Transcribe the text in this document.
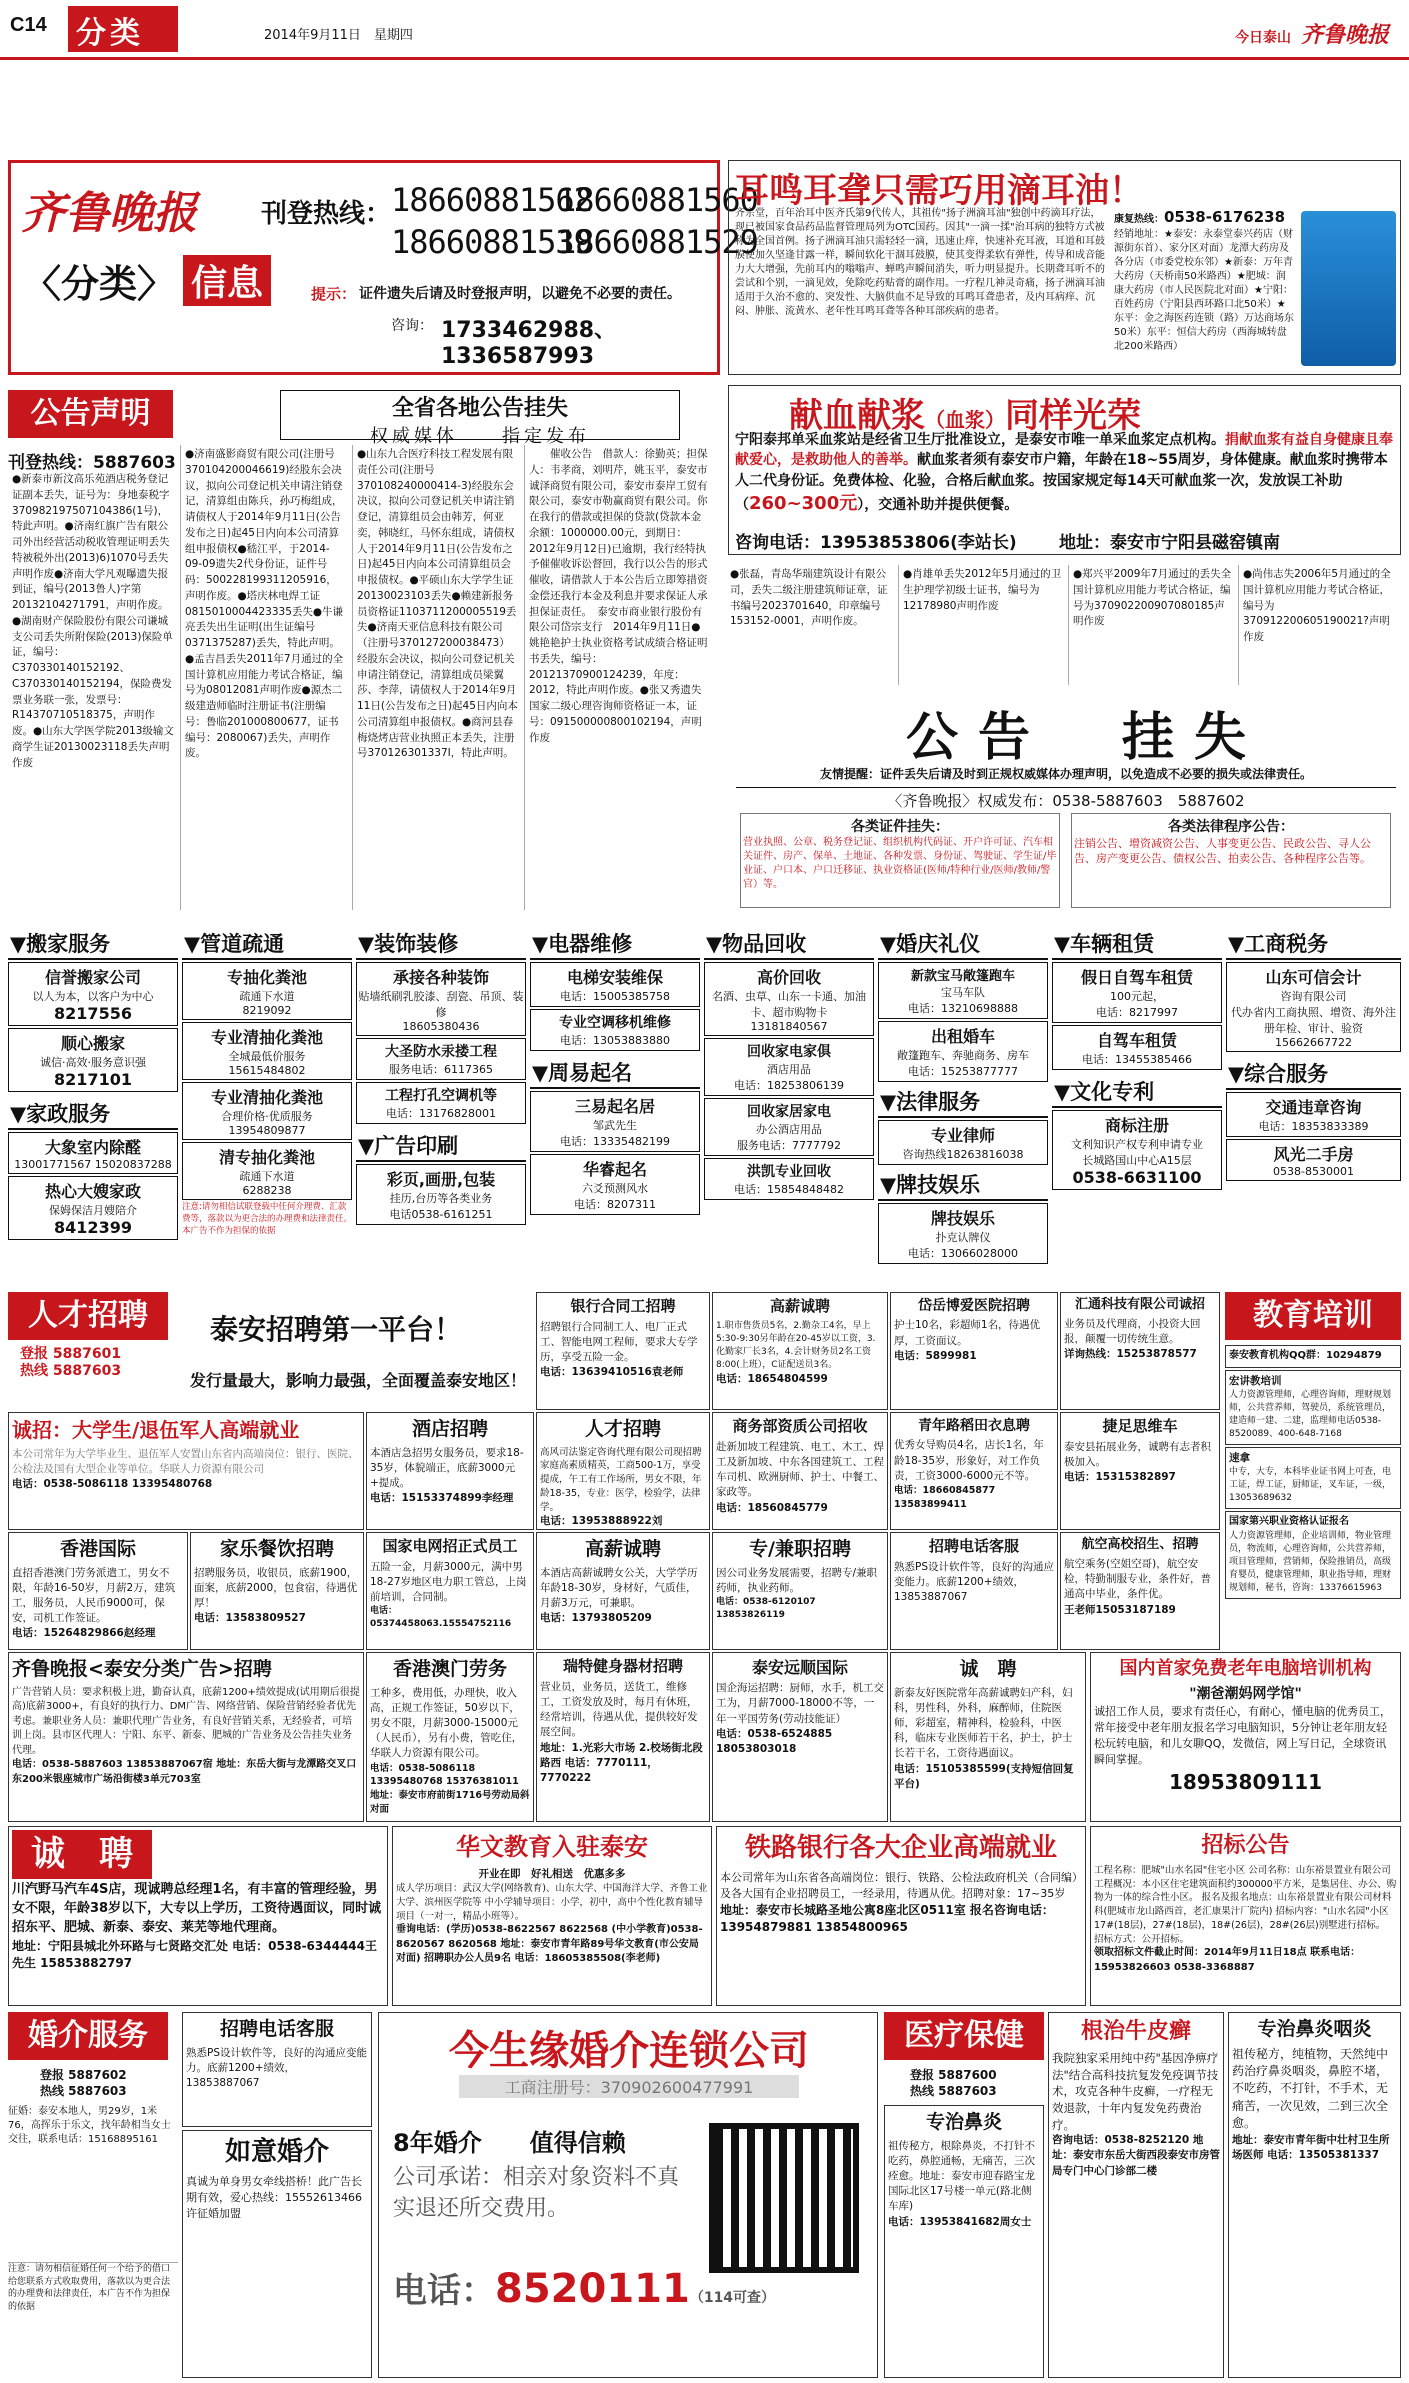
C14 分类	2014年9月11日　星期四	今日泰山 齐鲁晚报
齐鲁晚报
〈分类〉 信息
刊登热线： 18660881562
18660881560
18660881539
18660881529
提示： 证件遗失后请及时登报声明，以避免不必要的责任。
咨询： 1733462988、1336587993
耳鸣耳聋只需巧用滴耳油！
齐宗堂，百年治耳中医齐氏第9代传人，其祖传"扬子洲滴耳油"独创中药滴耳疗法，现已被国家食品药品监督管理局列为OTC国药。因其"一滴一揉"治耳病的独特方式被称为全国首例。扬子洲滴耳油只需轻轻一滴，迅速止痒，快速补充耳液，耳道和耳鼓膜使加久坚逢甘露一样，瞬间软化干涸耳鼓膜，使其变得柔软有弹性，传导和成音能力大大增强，先前耳内的嗡嗡声、蝉鸣声瞬间消失，听力明显提升。长期聋耳听不的尝试和个别，一滴见效，免除吃药贴膏的副作用。一疗程几神灵奇痛，扬子洲滴耳油适用于久治不愈的、突发性、大脑供血不足导致的耳鸣耳聋患者，及内耳病痒、沉闷、肿胀、流黄水、老年性耳鸣耳聋等各种耳部疾病的患者。
康复热线：0538-6176238
经销地址：★泰安：永泰堂泰兴药店（财源街东首）、家分区对面）龙潭大药房及各分店（市委党校东邻）★新泰：万年青大药房（天桥南50米路西）★肥城：润康大药房（市人民医院北对面）★宁阳：百姓药房（宁阳县西环路口北50米）★东平：金之海医药连锁（路）万达商场东50米）东平：恒信大药房（西海城转盘北200米路西）
公告声明	全省各地公告挂失
权威媒体　　指定发布
刊登热线：5887603
●新泰市新汶高乐苑酒店税务登记证副本丢失，证号为：身地泰税字370982197507104386(1号)，特此声明。●济南红旗广告有限公司外出经营活动税收管理证明丢失特被税外出(2013)6)1070号丢失声明作废●济南大学凡观曝遗失报到证，编号(2013鲁人)字第20132104271791，声明作废。●湖南财产保险股份有限公司谦城支公司丢失所附保险(2013)保险单证，编号：C370330140152192、C370330140152194，保险费发票业务联一张，发票号：R14370710518375，声明作废。●山东大学医学院2013级输文商学生证20130023118丢失声明作废
●济南盛影商贸有限公司(注册号370104200046619)经股东会决议，拟向公司登记机关申请注销登记，清算组由陈兵，孙巧梅组成，请债权人于2014年9月11日(公告发布之日)起45日内向本公司清算组申报债权●嵇江平，于2014-09-09遗失2代身份证，证件号码：500228199311205916，声明作废。●塔庆林电焊工证0815010004423335丢失●牛谦亮丢失出生证明(出生证编号0371375287)丢失，特此声明。●孟吉昌丢失2011年7月通过的全国计算机应用能力考试合格证，编号为08012081声明作废●源杰二级建造师临时注册证书(注册编号：鲁临201000800677，证书编号：2080067)丢失，声明作废。
●山东九合医疗科技工程发展有限责任公司(注册号370108240000414-3)经股东会决议，拟向公司登记机关申请注销登记，清算组员会由韩芳，何亚奕，韩晓红，马怀东组成，请债权人于2014年9月11日(公告发布之日)起45日内向本公司清算组员会申报债权。●平硕山东大学学生证20130023103丢失●赖建新报务员资格证1103711200005519丢失●济南天亚信息科技有限公司（注册号370127200038473）经股东会决议，拟向公司登记机关申请注销登记，清算组成员梁翼莎、李萍，请债权人于2014年9月11日(公告发布之日)起45日内向本公司清算组申报债权。●商河县春梅烧烤店营业执照正本丢失，注册号370126301337I，特此声明。
　　催收公告　借款人：徐勤英；担保人：韦孝商，刘明芹，姚玉平，泰安市诚泽商贸有限公司，泰安市泰岸工贸有限公司，泰安市勒赢商贸有限公司。你在我行的借款或担保的贷款(贷款本金余额：1000000.00元，到期日：2012年9月12日)已逾期，我行经特执予催催收诉讼督回，我行以公告的形式催收，请借款人于本公告后立即筹措资金偿还我行本金及利息并要求保证人承担保证责任。　泰安市商业银行股份有限公司岱宗支行　2014年9月11日●姚艳艳护士执业资格考试成绩合格证明书丢失，编号：20121370900124239，年度：2012，特此声明作废。●张又秀遗失国家二级心理咨询师资格证一本，证号：091500000800102194，声明作废
献血献浆（血浆）同样光荣
宁阳泰邦单采血浆站是经省卫生厅批准设立，是泰安市唯一单采血浆定点机构。捐献血浆有益自身健康且奉献爱心，是救助他人的善举。献血浆者须有泰安市户籍，年龄在18~55周岁，身体健康。献血浆时携带本人二代身份证。免费体检、化验，合格后献血浆。按国家规定每14天可献血浆一次，发放误工补助（260~300元），交通补助并提供便餐。
咨询电话：13953853806(李站长) 地址：泰安市宁阳县磁窑镇南
●张磊，青岛华瑞建筑设计有限公司，丢失二级注册建筑师证章，证书编号2023701640，印章编号153152-0001，声明作废。
●肖雄单丢失2012年5月通过的卫生护理学初级士证书，编号为12178980声明作废
●郑兴平2009年7月通过的丢失全国计算机应用能力考试合格证，编号为370902200907080185声明作废
●尚伟志失2006年5月通过的全国计算机应用能力考试合格证，编号为370912200605190021?声明作废
公告　挂失
友情提醒：证件丢失后请及时到正规权威媒体办理声明，以免造成不必要的损失或法律责任。
〈齐鲁晚报〉权威发布：0538-5887603　5887602
各类证件挂失：
营业执照、公章、税务登记证、组织机构代码证、开户许可证、汽车相关证件、房产、保单、土地证、各种发票、身份证、驾驶证、学生证/毕业证、户口本、户口迁移证、执业资格证(医师/特种行业/医师/教师/警官）等。
各类法律程序公告：
注销公告、增资减资公告、人事变更公告、民政公告、寻人公告、房产变更公告、债权公告、拍卖公告、各种程序公告等。
▼搬家服务
信誉搬家公司
以人为本，以客户为中心
8217556
顺心搬家
诚信·高效·服务意识强
8217101
▼家政服务
大象室内除醛
13001771567 15020837288
热心大嫂家政
保姆保洁月嫂陪介
8412399
▼管道疏通
专抽化粪池
疏通下水道
8219092
专业清抽化粪池
全城最低价服务
15615484802
专业清抽化粪池
合理价格·优质服务
13954809877
清专抽化粪池
疏通下水道
6288238
注意:请勿相信试联登载中任何介理费、汇款费等，落款以为更合法的办理费和法律责任。本广告不作为担保的依据
▼装饰装修
承接各种装饰
贴墙纸刷乳胶漆、刮瓷、吊顶、装修
18605380436
大圣防水汞搂工程
服务电话：6117365
工程打孔空调机等
电话：13176828001
▼广告印刷
彩页,画册,包装
挂历,台历等各类业务
电话0538-6161251
▼电器维修
电梯安装维保
电话：15005385758
专业空调移机维修
电话：13053883880
▼周易起名
三易起名居
邹武先生
电话：13335482199
华睿起名
六爻预测风水
电话：8207311
▼物品回收
高价回收
名酒、虫草、山东一卡通、加油卡、超市购物卡
13181840567
回收家电家俱
酒店用品
电话：18253806139
回收家居家电
办公酒店用品
服务电话：7777792
洪凯专业回收
电话：15854848482
▼婚庆礼仪
新款宝马敞篷跑车
宝马车队
电话：13210698888
出租婚车
敞篷跑车、奔驰商务、房车
电话：15253877777
▼法律服务
专业律师
咨询热线18263816038
▼牌技娱乐
牌技娱乐
扑克认牌仪
电话：13066028000
▼车辆租赁
假日自驾车租赁
100元起，
电话：8217997
自驾车租赁
电话：13455385466
▼文化专利
商标注册
文利知识产权专利申请专业
长城路国山中心A15层
0538-6631100
▼工商税务
山东可信会计
咨询有限公司
代办省内工商执照、增资、海外注册年检、审计、验资15662667722
▼综合服务
交通违章咨询
电话：18353833389
风光二手房
0538-8530001
人才招聘
登报 5887601
热线 5887603
泰安招聘第一平台！
发行量最大，影响力最强，全面覆盖泰安地区！
教育培训
银行合同工招聘
招聘银行合同制工人、电厂正式工、智能电网工程师，要求大专学历，享受五险一金。
电话：13639410516袁老师
高薪诚聘
1.职市售货员5名，2.勤杂工4名，早上5:30-9:30另年龄在20-45岁以工资，3.化勤家厂长3名，4.会计财务员2名工资8:00(上班），C证配送员3名。
电话：18654804599
岱岳博爱医院招聘
护士10名，彩超师1名，待遇优厚，工资面议。
电话：5899981
汇通科技有限公司诚招
业务员及代理商，小投资大回报，颠覆一切传统生意。
详询热线：15253878577
诚招：大学生/退伍军人高端就业
本公司常年为大学毕业生、退伍军人安置山东省内高端岗位：银行、医院、公检法及国有大型企业等单位。华联人力资源有限公司
电话：0538-5086118 13395480768
酒店招聘
本酒店急招男女服务员，要求18-35岁，体貌端正，底薪3000元+提成。
电话：15153374899李经理
人才招聘
高风司法鉴定咨询代理有限公司现招聘家庭高素质精英，工商500-1万，享受提成，午工有工作场所，男女不限，年龄18-35，专业：医学，检验学，法律学。
电话：13953888922刘
商务部资质公司招收
赴新加坡工程建筑、电工、木工、焊工及新加坡、中东各国建筑工、工程车司机、欧洲厨师、护士、中餐工、家政等。
电话：18560845779
青年路稻田衣息聘
优秀女导购员4名，店长1名，年龄18-35岁，形象好，对工作负责，工资3000-6000元不等。
电话：18660845877 13583899411
捷足思维车
泰安县拓展业务，诚聘有志者积极加入。
电话：15315382897
香港国际
直招香港澳门劳务派遣工，男女不限，年龄16-50岁，月薪2万，建筑工，服务员，人民币9000可，保安，司机工作签证。
电话：15264829866赵经理
家乐餐饮招聘
招聘服务员，收银员，底薪1900，面案，底薪2000，包食宿，待遇优厚！
电话：13583809527
国家电网招正式员工
五险一金，月薪3000元，满中男18-27岁地区电力职工管总，上岗前培训，合同制。
电话：05374458063.15554752116
高薪诚聘
本酒店高薪诚聘女公关，大学学历年龄18-30岁，身材好，气质佳，月薪3万元，可兼职。
电话：13793805209
专/兼职招聘
因公司业务发展需要，招聘专/兼职药师，执业药师。
电话：0538-6120107 13853826119
招聘电话客服
熟悉PS设计软件等，良好的沟通应变能力。底薪1200+绩效，13853887067
航空高校招生、招聘
航空乘务(空姐空哥)，航空安检，特勤制服专业，条件好，普通高中毕业，条件优。
王老师15053187189
齐鲁晚报<泰安分类广告>招聘
广告营销人员：要求积极上进，勤奋认真，底薪1200+绩效提成(试用期后很提高)底薪3000+，有良好的执行力、DM广告、网络营销、保险营销经验者优先考虑。兼职业务人员：兼职代理广告业务，有良好营销关系，无经验者，可培训上岗。县市区代理人：宁阳、东平、新泰、肥城的广告业务及公告挂失业务代理。
电话：0538-5887603 13853887067宿 地址：东岳大街与龙潭路交叉口东200米银座城市广场沿街楼3单元703室
香港澳门劳务
工种多，费用低，办理快，收入高，正规工作签证，50岁以下，男女不限，月薪3000-15000元（人民币），另有小费，管吃住，华联人力资源有限公司。
电话：0538-5086118 13395480768 15376381011 地址：泰安市府前街1716号劳动局斜对面
瑞特健身器材招聘
营业员，业务员，送货工，维修工，工资发放及时，每月有休班，经常培训，待遇从优，提供较好发展空间。
地址：1.光彩大市场 2.校场街北段路西 电话：7770111，7770222
泰安远顺国际
国企海运招聘：厨师，水手，机工交工为，月薪7000-18000不等，一年一平国劳务(劳动技能证）
电话：0538-6524885 18053803018
诚　聘
新泰友好医院常年高薪诚聘妇产科，妇科，男性科，外科，麻醉师，住院医师，彩超室，精神科，检验科，中医科，临床专业医师若干名，护士，护士长若干名，工资待遇面议。
电话：15105385599(支持短信回复平台)
国内首家免费老年电脑培训机构
"潮爸潮妈网学馆"
诚招工作人员，要求有责任心，有耐心，懂电脑的优秀员工，常年接受中老年朋友报名学习电脑知识，5分钟让老年朋友轻松玩转电脑，和儿女聊QQ，发微信，网上写日记，全球资讯瞬间掌握。
18953809111
泰安教育机构QQ群：10294879
宏讲教培训
人力资源管理师，心理咨询师，理财规划师，公共营养师，驾驶员，系统管理员，建造师一建、二建，监理师电话0538-8520089、400-648-7168
速拿
中专，大专，本科毕业证书网上可查，电工证，焊工证，厨师证，叉车证，一级，13053689632
国家第兴职业资格认证报名
人力资源管理师，企业培训师，物业管理员，物流师，心理咨询师，公共营养师，项目管理师，营销师，保险推销员，高级育婴员，健康管理师，职业指导师，理财规划师，秘书，咨询：13376615963
诚　聘
川汽野马汽车4S店，现诚聘总经理1名，有丰富的管理经验，男女不限，年龄38岁以下，大专以上学历，工资待遇面议，同时诚招东平、肥城、新泰、泰安、莱芜等地代理商。
地址：宁阳县城北外环路与七贤路交汇处 电话：0538-6344444王先生 15853882797
华文教育入驻泰安
开业在即　好礼相送　优惠多多
成人学历项目：武汉大学(网络教育)、山东大学、中国海洋大学、齐鲁工业大学、滨州医学院等 中小学辅导项目：小学，初中，高中个性化教育辅导项目（一对一，精品小班等）。
垂询电话：(学历)0538-8622567 8622568 (中小学教育)0538-8620567 8620568 地址：泰安市青年路89号华文教育(市公安局对面) 招聘职办公人员9名 电话：18605385508(李老师)
铁路银行各大企业高端就业
本公司常年为山东省各高端岗位：银行、铁路、公检法政府机关（合同编）及各大国有企业招聘员工，一经录用，待遇从优。招聘对象：17~35岁
地址：泰安市长城路圣地公寓8座北区0511室 报名咨询电话：13954879881 13854800965
招标公告
工程名称：肥城"山水名园"住宅小区 公司名称：山东裕景置业有限公司 工程概况：本小区住宅建筑面积约300000平方米，是集居住、办公、购物为一体的综合性小区。 报名及报名地点：山东裕景置业有限公司材料科(肥城市龙山路西首，老汇康果汁厂院内) 招标内容："山水名园"小区17#(18层)，27#(18层)，18#(26层)，28#(26层)别墅进行招标。 招标方式：公开招标。
领取招标文件截止时间：2014年9月11日18点 联系电话：15953826603 0538-3368887
婚介服务
登报 5887602
热线 5887603
征婚：泰安本地人，男29岁，1米76，高挥乐于乐文，找年龄相当女士交往，联系电话：15168895161
注意：请勿相信征婚任何一个给予的借口给您联系方式收取费用，落款以为更合法的办理费和法律责任，本广告不作为担保的依据
招聘电话客服
熟悉PS设计软件等，良好的沟通应变能力。底薪1200+绩效，13853887067
如意婚介
真诚为单身男女牵线搭桥！此广告长期有效，爱心热线：15552613466许征婚加盟
今生缘婚介连锁公司
工商注册号：370902600477991
8年婚介　　值得信赖
公司承诺：相亲对象资料不真实退还所交费用。
电话：8520111（114可查）
医疗保健
登报 5887600
热线 5887603
专治鼻炎
祖传秘方，根除鼻炎，不打针不吃药，鼻腔通畅，无痛苦，三次痊愈。地址：泰安市迎春路宝龙国际北区17号楼一单元(路北侧车库)
电话：13953841682周女士
根治牛皮癣
我院独家采用纯中药"基因净痹疗法"结合高科技抗复发免疫调节技术，攻克各种牛皮癣，一疗程无效退款，十年内复发免药费治疗。
咨询电话：0538-8252120 地址：泰安市东岳大街西段泰安市房管局专门中心门诊部二楼
专治鼻炎咽炎
祖传秘方，纯植物，天然纯中药治疗鼻炎咽炎，鼻腔不堵，不吃药，不打针，不手术，无痛苦，一次见效，二到三次全愈。
地址：泰安市青年街中壮村卫生所场医师 电话：13505381337
